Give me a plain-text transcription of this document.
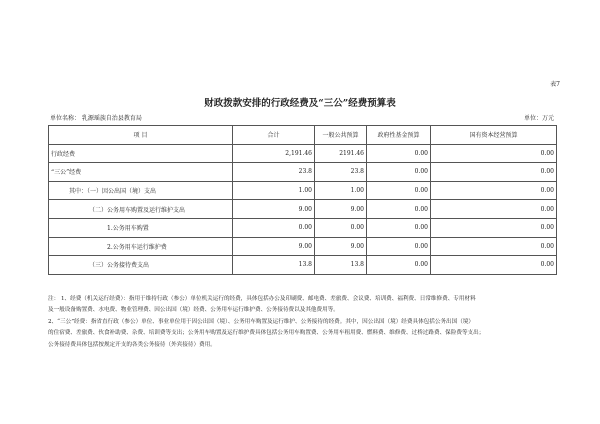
表7
财政拨款安排的行政经费及“三公”经费预算表
单位名称： 乳源瑶族自治县教育局	单位：万元
项 目	合计	一般公共预算	政府性基金预算	国有资本经营预算
行政经费	2,191.46	2191.46	0.00	0.00
“三公”经费	23.8	23.8	0.00	0.00
其中：（一）因公出国（境）支出	1.00	1.00	0.00	0.00
（二）公务用车购置及运行维护支出	9.00	9.00	0.00	0.00
1.公务用车购置	0.00	0.00	0.00	0.00
2.公务用车运行维护费	9.00	9.00	0.00	0.00
（三）公务接待费支出	13.8	13.8	0.00	0.00

注： 1、经费（机关运行经费）：指用于维持行政（参公）单位机关运行的经费，具体包括办公及印刷费、邮电费、差旅费、会议费、培训费、福利费、日常维修费、专用材料

及一般设备购置费、水电费、物业管理费、因公出国（境）经费、公务用车运行维护费、公务接待费以及其他费用等。

2、“三公”经费：指省直行政（参公）单位、事业单位用于因公出国（境）、公务用车购置及运行维护、公务接待的经费。其中，因公出国（境）经费具体包括公务出国（境）

的住宿费、差旅费、伙食补助费、杂费、培训费等支出；公务用车购置及运行维护费具体包括公务用车购置费、公务用车租用费、燃料费、维修费、过桥过路费、保险费等支出；

公务接待费具体包括按规定开支的各类公务接待（外宾接待）费用。
